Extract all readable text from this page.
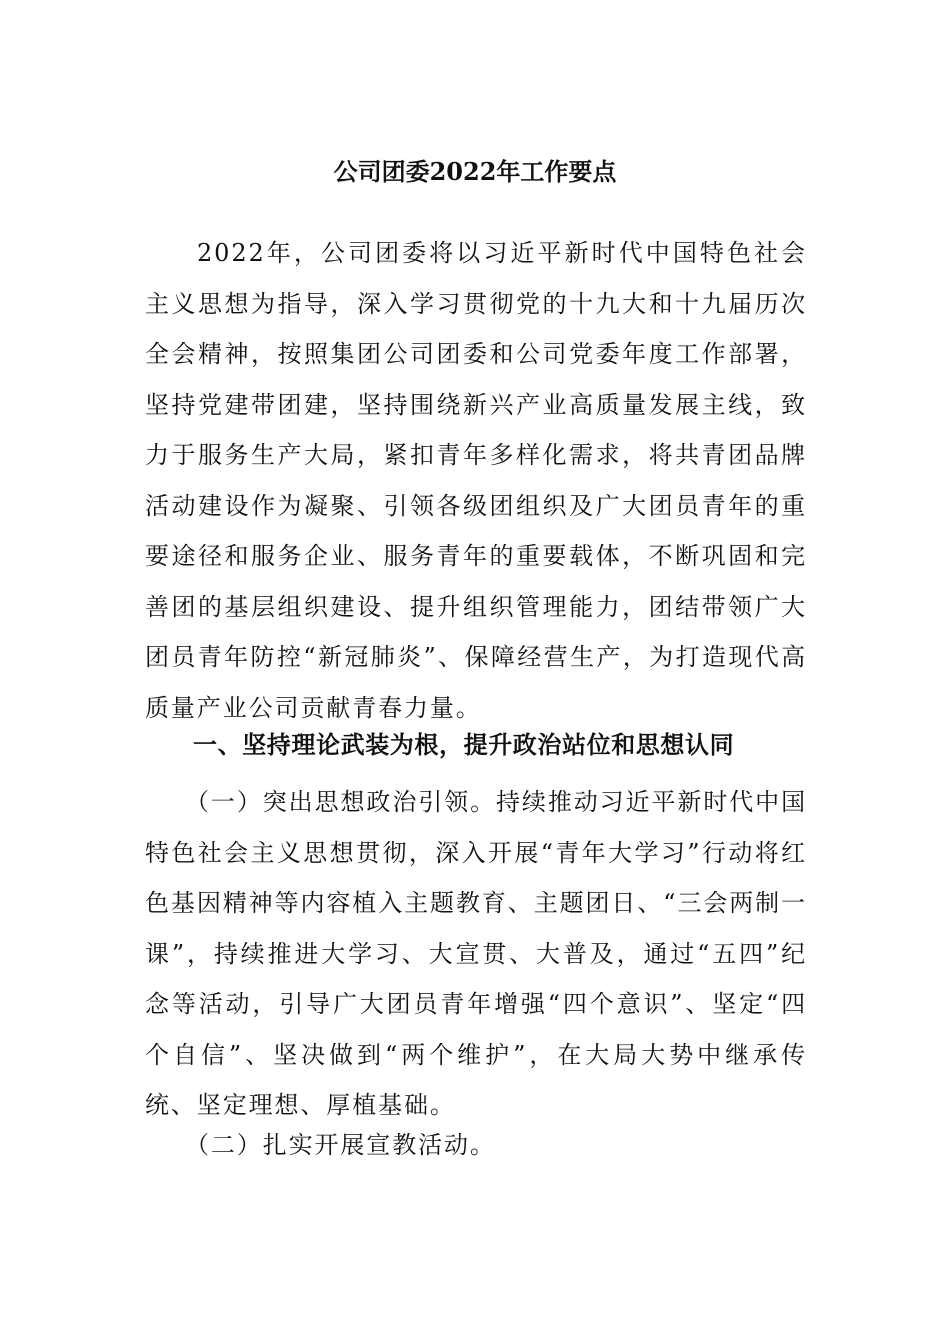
公司团委2022年工作要点
2022年，公司团委将以习近平新时代中国特色社会主义思想为指导，深入学习贯彻党的十九大和十九届历次全会精神，按照集团公司团委和公司党委年度工作部署，坚持党建带团建，坚持围绕新兴产业高质量发展主线，致力于服务生产大局，紧扣青年多样化需求，将共青团品牌活动建设作为凝聚、引领各级团组织及广大团员青年的重要途径和服务企业、服务青年的重要载体，不断巩固和完善团的基层组织建设、提升组织管理能力，团结带领广大团员青年防控“新冠肺炎”、保障经营生产，为打造现代高质量产业公司贡献青春力量。
一、坚持理论武装为根，提升政治站位和思想认同
（一）突出思想政治引领。持续推动习近平新时代中国特色社会主义思想贯彻，深入开展“青年大学习”行动将红色基因精神等内容植入主题教育、主题团日、“三会两制一课”，持续推进大学习、大宣贯、大普及，通过“五四”纪念等活动，引导广大团员青年增强“四个意识”、坚定“四个自信”、坚决做到“两个维护”，在大局大势中继承传统、坚定理想、厚植基础。
（二）扎实开展宣教活动。
